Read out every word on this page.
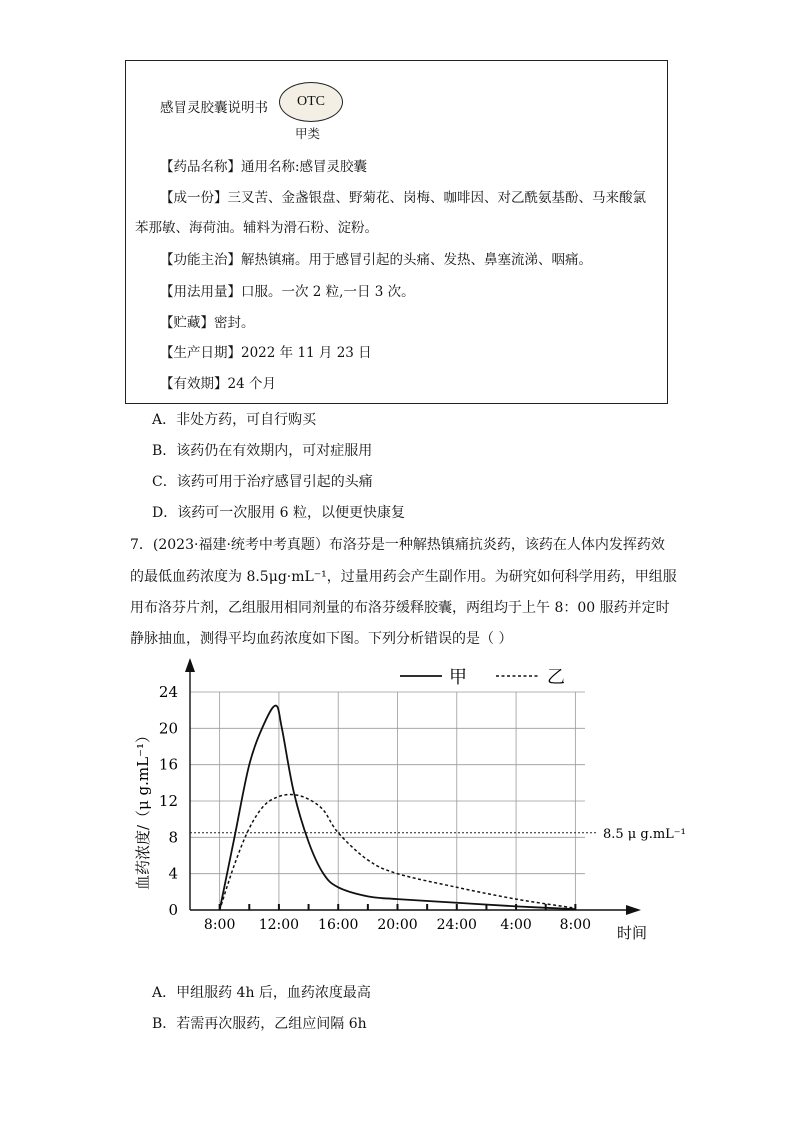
感冒灵胶囊说明书	OTC
甲类
【药品名称】通用名称:感冒灵胶囊
【成一份】三叉苦、金盏银盘、野菊花、岗梅、咖啡因、对乙酰氨基酚、马来酸氯
苯那敏、海荷油。辅料为滑石粉、淀粉。
【功能主治】解热镇痛。用于感冒引起的头痛、发热、鼻塞流涕、咽痛。
【用法用量】口服。一次 2 粒,一日 3 次。
【贮藏】密封。
【生产日期】2022 年 11 月 23 日
【有效期】24 个月
A．非处方药，可自行购买
B．该药仍在有效期内，可对症服用
C．该药可用于治疗感冒引起的头痛
D．该药可一次服用 6 粒，以便更快康复
7．(2023·福建·统考中考真题）布洛芬是一种解热镇痛抗炎药，该药在人体内发挥药效
的最低血药浓度为 8.5μg·mL⁻¹，过量用药会产生副作用。为研究如何科学用药，甲组服
用布洛芬片剂，乙组服用相同剂量的布洛芬缓释胶囊，两组均于上午 8：00 服药并定时
静脉抽血，测得平均血药浓度如下图。下列分析错误的是（ ）
0
4
8
12
16
20
24
8:00 12:00 16:00 20:00 24:00 4:00 8:00 时间
血药浓度/（μ g.mL⁻¹）	8.5 μ g.mL⁻¹
甲	乙
A．甲组服药 4h 后，血药浓度最高
B．若需再次服药，乙组应间隔 6h
